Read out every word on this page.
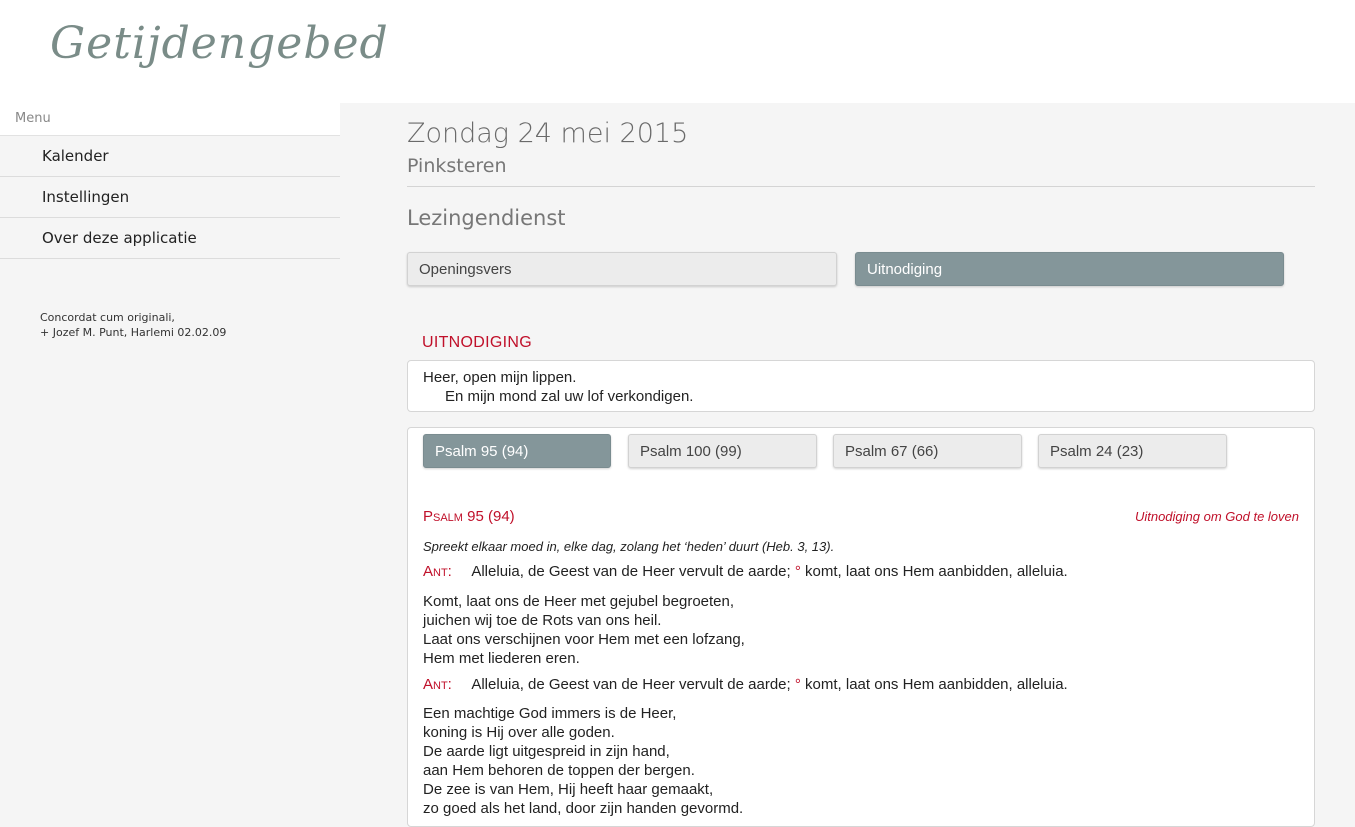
Getijdengebed
Menu
Kalender
Instellingen
Over deze applicatie
Concordat cum originali,
+ Jozef M. Punt, Harlemi 02.02.09
Zondag 24 mei 2015
Pinksteren
Lezingendienst
Openingsvers	Uitnodiging
UITNODIGING
Heer, open mijn lippen.
En mijn mond zal uw lof verkondigen.
Psalm 95 (94)	Psalm 100 (99)	Psalm 67 (66)	Psalm 24 (23)
Psalm 95 (94)	Uitnodiging om God te loven
Spreekt elkaar moed in, elke dag, zolang het ‘heden’ duurt (Heb. 3, 13).
Ant: Alleluia, de Geest van de Heer vervult de aarde; ° komt, laat ons Hem aanbidden, alleluia.
Komt, laat ons de Heer met gejubel begroeten,
juichen wij toe de Rots van ons heil.
Laat ons verschijnen voor Hem met een lofzang,
Hem met liederen eren.
Ant: Alleluia, de Geest van de Heer vervult de aarde; ° komt, laat ons Hem aanbidden, alleluia.
Een machtige God immers is de Heer,
koning is Hij over alle goden.
De aarde ligt uitgespreid in zijn hand,
aan Hem behoren de toppen der bergen.
De zee is van Hem, Hij heeft haar gemaakt,
zo goed als het land, door zijn handen gevormd.
